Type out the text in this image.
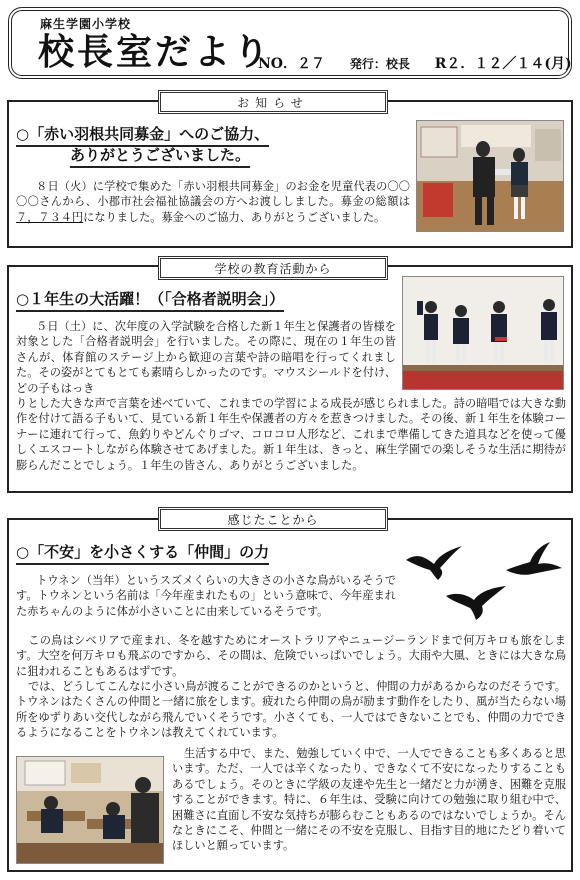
麻生学園小学校
校長室だより
NO．２７ 発行：校長 R２．１２／１４(月)
お知らせ
○「赤い羽根共同募金」へのご協力、
ありがとうございました。
８日（火）に学校で集めた「赤い羽根共同募金」のお金を児童代表の〇〇〇〇さんから、小郡市社会福祉協議会の方へお渡ししました。募金の総額は７，７３４円になりました。募金へのご協力、ありがとうございました。
学校の教育活動から
○１年生の大活躍！（「合格者説明会」）
５日（土）に、次年度の入学試験を合格した新１年生と保護者の皆様を対象とした「合格者説明会」を行いました。その際に、現在の１年生の皆さんが、体育館のステージ上から歓迎の言葉や詩の暗唱を行ってくれました。その姿がとてもとても素晴らしかったのです。マウスシールドを付け、どの子もはっき
りとした大きな声で言葉を述べていて、これまでの学習による成長が感じられました。詩の暗唱では大きな動作を付けて語る子もいて、見ている新１年生や保護者の方々を惹きつけました。その後、新１年生を体験コーナーに連れて行って、魚釣りやどんぐりゴマ、コロコロ人形など、これまで準備してきた道具などを使って優しくエスコートしながら体験させてあげました。新１年生は、きっと、麻生学園での楽しそうな生活に期待が膨らんだことでしょう。１年生の皆さん、ありがとうございました。
感じたことから
○「不安」を小さくする「仲間」の力
トウネン（当年）というスズメくらいの大きさの小さな鳥がいるそうです。トウネンという名前は「今年産まれたもの」という意味で、今年産まれた赤ちゃんのように体が小さいことに由来しているそうです。
この鳥はシベリアで産まれ、冬を越すためにオーストラリアやニュージーランドまで何万キロも旅をします。大空を何万キロも飛ぶのですから、その間は、危険でいっぱいでしょう。大雨や大風、ときには大きな鳥に狙われることもあるはずです。
では、どうしてこんなに小さい鳥が渡ることができるのかというと、仲間の力があるからなのだそうです。トウネンはたくさんの仲間と一緒に旅をします。疲れたら仲間の鳥が励ます動作をしたり、風が当たらない場所をゆずりあい交代しながら飛んでいくそうです。小さくても、一人ではできないことでも、仲間の力でできるようになることをトウネンは教えてくれています。
生活する中で、また、勉強していく中で、一人でできることも多くあると思います。ただ、一人では辛くなったり、できなくて不安になったりすることもあるでしょう。そのときに学級の友達や先生と一緒だと力が湧き、困難を克服することができます。特に、６年生は、受験に向けての勉強に取り組む中で、困難さに直面し不安な気持ちが膨らむこともあるのではないでしょうか。そんなときにこそ、仲間と一緒にその不安を克服し、目指す目的地にたどり着いてほしいと願っています。
